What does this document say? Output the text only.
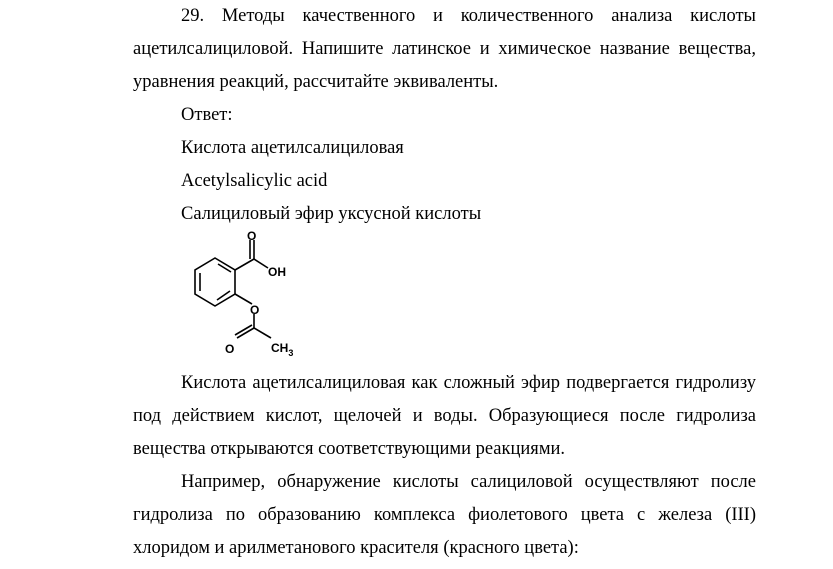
29. Методы качественного и количественного анализа кислоты
ацетилсалициловой. Напишите латинское и химическое название вещества,
уравнения реакций, рассчитайте эквиваленты.
Ответ:
Кислота ацетилсалициловая
Acetylsalicylic acid
Салициловый эфир уксусной кислоты
O
OH
O
O	$CH_3$
Кислота ацетилсалициловая как сложный эфир подвергается гидролизу
под действием кислот, щелочей и воды. Образующиеся после гидролиза
вещества открываются соответствующими реакциями.
Например, обнаружение кислоты салициловой осуществляют после
гидролиза по образованию комплекса фиолетового цвета с железа (III)
хлоридом и арилметанового красителя (красного цвета):
